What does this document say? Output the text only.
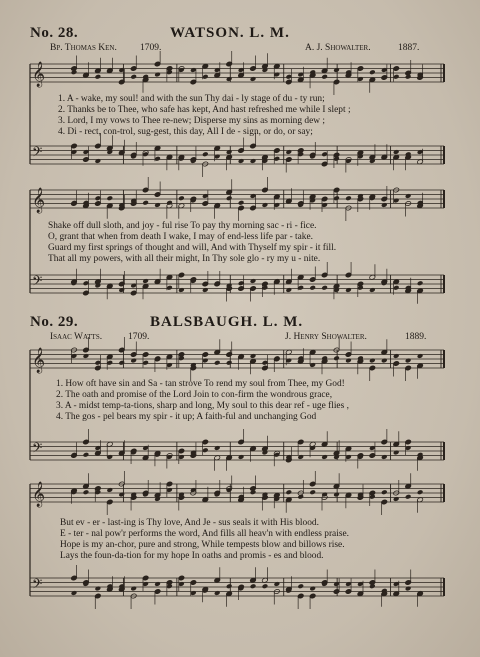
No. 28.	WATSON. L. M.
Bp. Thomas Ken. 1709.	A. J. Showalter.	1887.
No. 29.	BALSBAUGH. L. M.
Isaac Watts.	1709.	J. Henry Showalter.	1889.
𝄞
𝄢
𝄞
𝄢
𝄞
𝄢
𝄞
𝄢
1. A - wake, my soul! and with the sun Thy dai - ly stage of du - ty run;
2. Thanks be to Thee, who safe has kept, And hast refreshed me while I slept ;
3. Lord, I my vows to Thee re-new; Disperse my sins as morning dew ;
4. Di - rect, con-trol, sug-gest, this day, All I de - sign, or do, or say;
Shake off dull sloth, and joy - ful rise To pay thy morning sac - ri - fice.
O, grant that when from death I wake, I may of end-less life par - take.
Guard my first springs of thought and will, And with Thyself my spir - it fill.
That all my powers, with all their might, In Thy sole glo - ry my u - nite.
1. How oft have sin and Sa - tan strove To rend my soul from Thee, my God!
2. The oath and promise of the Lord Join to con-firm the wondrous grace,
3. A - midst temp-ta-tions, sharp and long, My soul to this dear ref - uge flies ,
4. The gos - pel bears my spir - it up; A faith-ful and unchanging God
But ev - er - last-ing is Thy love, And Je - sus seals it with His blood.
E - ter - nal pow'r performs the word, And fills all heav'n with endless praise.
Hope is my an-chor, pure and strong, While tempests blow and billows rise.
Lays the foun-da-tion for my hope In oaths and promis - es and blood.
